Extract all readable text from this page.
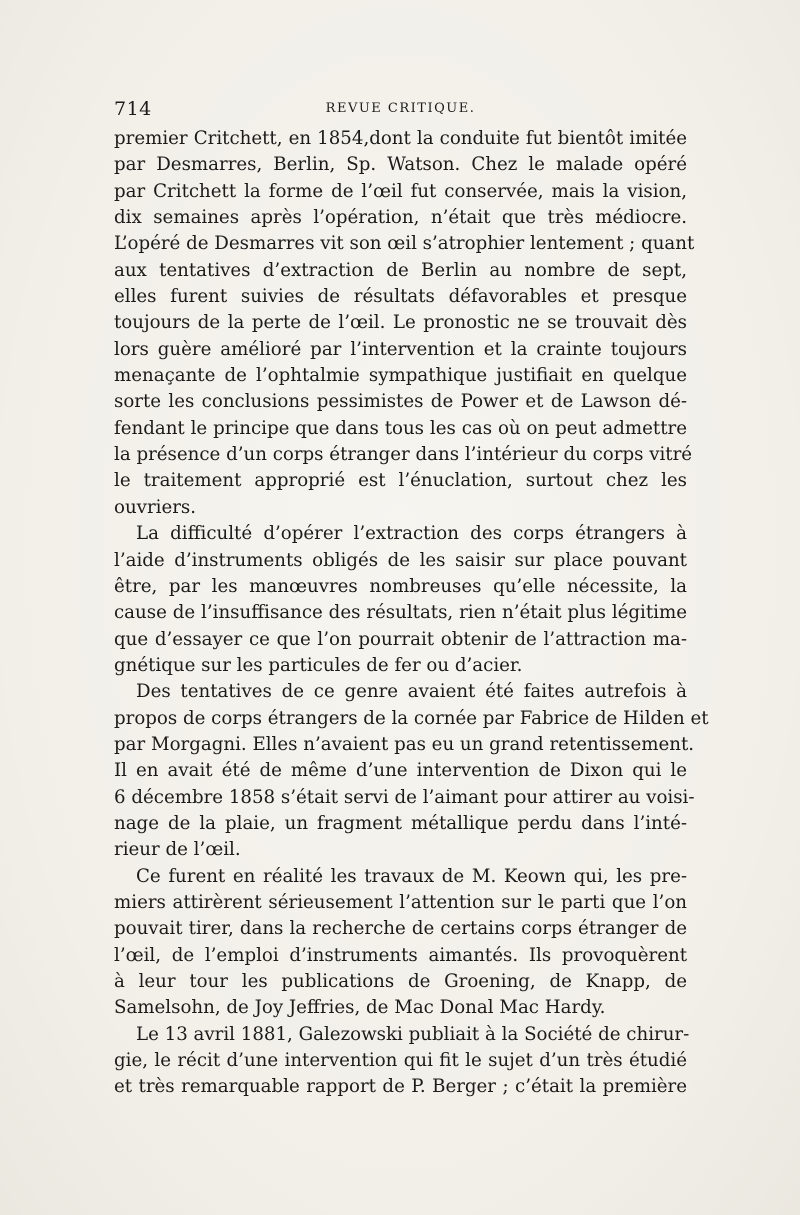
714	REVUE CRITIQUE.
premier Critchett, en 1854,dont la conduite fut bientôt imitée
par Desmarres, Berlin, Sp. Watson. Chez le malade opéré
par Critchett la forme de l’œil fut conservée, mais la vision,
dix semaines après l’opération, n’était que très médiocre.
L’opéré de Desmarres vit son œil s’atrophier lentement ; quant
aux tentatives d’extraction de Berlin au nombre de sept,
elles furent suivies de résultats défavorables et presque
toujours de la perte de l’œil. Le pronostic ne se trouvait dès
lors guère amélioré par l’intervention et la crainte toujours
menaçante de l’ophtalmie sympathique justifiait en quelque
sorte les conclusions pessimistes de Power et de Lawson dé-
fendant le principe que dans tous les cas où on peut admettre
la présence d’un corps étranger dans l’intérieur du corps vitré
le traitement approprié est l’énuclation, surtout chez les
ouvriers.
La difficulté d’opérer l’extraction des corps étrangers à
l’aide d’instruments obligés de les saisir sur place pouvant
être, par les manœuvres nombreuses qu’elle nécessite, la
cause de l’insuffisance des résultats, rien n’était plus légitime
que d’essayer ce que l’on pourrait obtenir de l’attraction ma-
gnétique sur les particules de fer ou d’acier.
Des tentatives de ce genre avaient été faites autrefois à
propos de corps étrangers de la cornée par Fabrice de Hilden et
par Morgagni. Elles n’avaient pas eu un grand retentissement.
Il en avait été de même d’une intervention de Dixon qui le
6 décembre 1858 s’était servi de l’aimant pour attirer au voisi-
nage de la plaie, un fragment métallique perdu dans l’inté-
rieur de l’œil.
Ce furent en réalité les travaux de M. Keown qui, les pre-
miers attirèrent sérieusement l’attention sur le parti que l’on
pouvait tirer, dans la recherche de certains corps étranger de
l’œil, de l’emploi d’instruments aimantés. Ils provoquèrent
à leur tour les publications de Groening, de Knapp, de
Samelsohn, de Joy Jeffries, de Mac Donal Mac Hardy.
Le 13 avril 1881, Galezowski publiait à la Société de chirur-
gie, le récit d’une intervention qui fit le sujet d’un très étudié
et très remarquable rapport de P. Berger ; c’était la première
